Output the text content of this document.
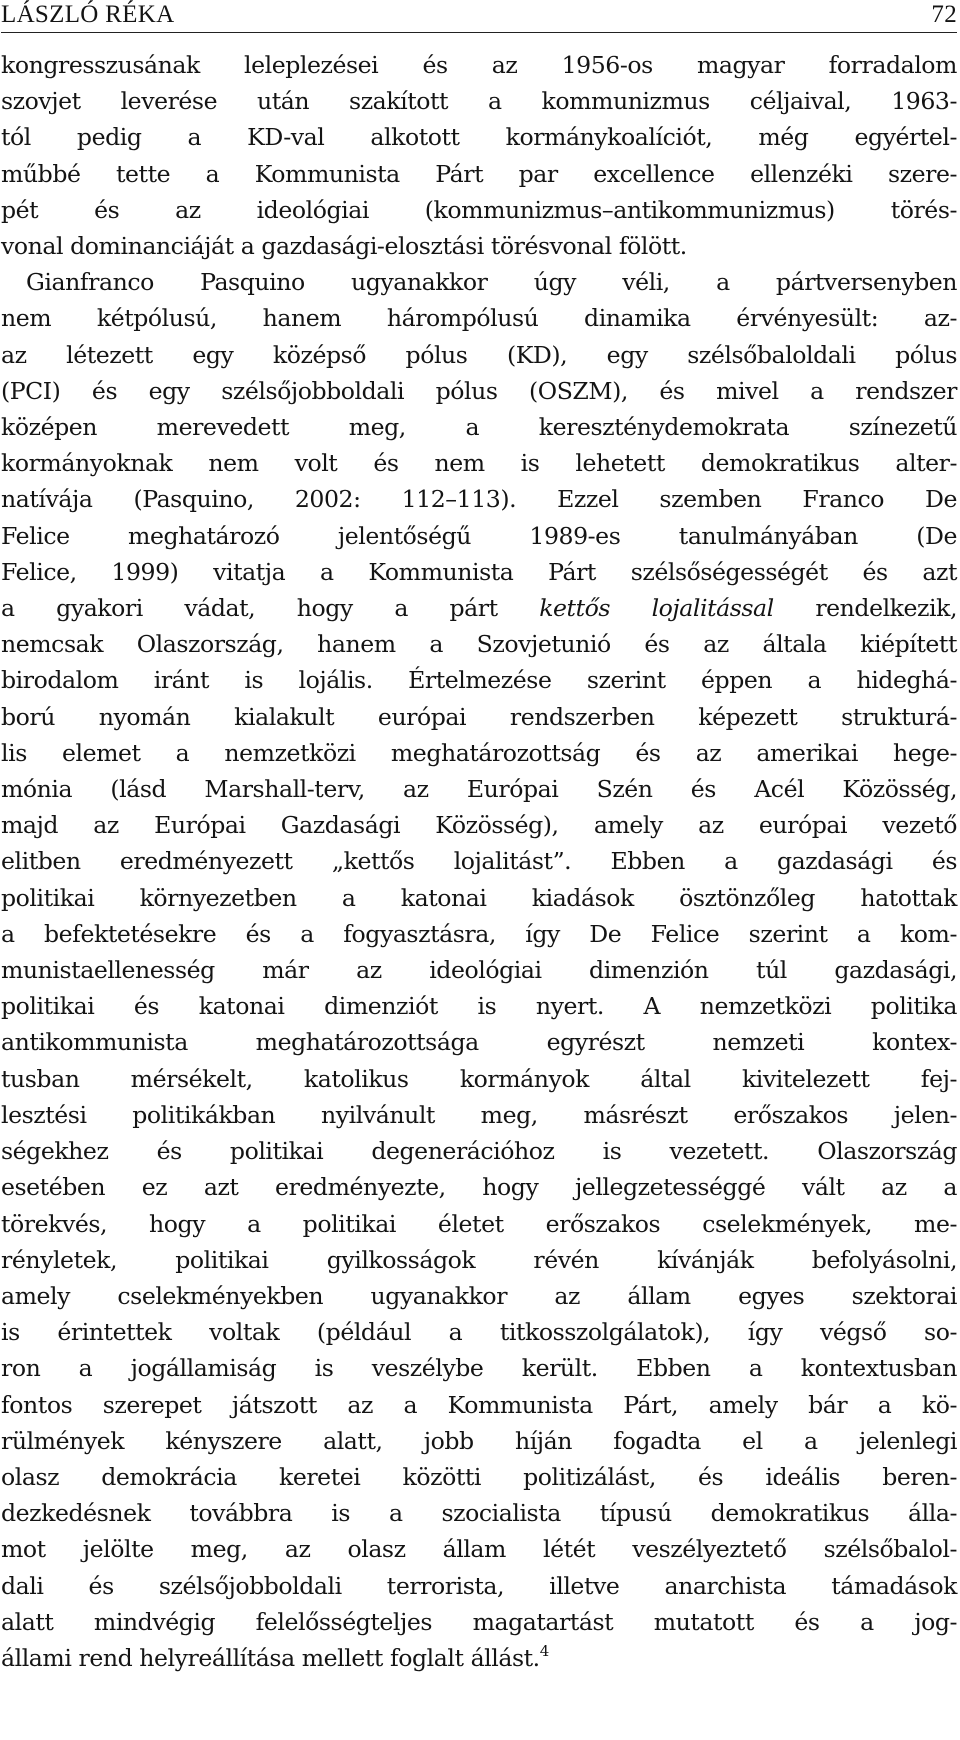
LÁSZLÓ RÉKA	72
kongresszusának leleplezései és az 1956-os magyar forradalom
szovjet leverése után szakított a kommunizmus céljaival, 1963-
tól pedig a KD-val alkotott kormánykoalíciót, még egyértel-
műbbé tette a Kommunista Párt par excellence ellenzéki szere-
pét és az ideológiai (kommunizmus–antikommunizmus) törés-
vonal dominanciáját a gazdasági-elosztási törésvonal fölött.
Gianfranco Pasquino ugyanakkor úgy véli, a pártversenyben
nem kétpólusú, hanem hárompólusú dinamika érvényesült: az-
az létezett egy középső pólus (KD), egy szélsőbaloldali pólus
(PCI) és egy szélsőjobboldali pólus (OSZM), és mivel a rendszer
középen merevedett meg, a kereszténydemokrata színezetű
kormányoknak nem volt és nem is lehetett demokratikus alter-
natívája (Pasquino, 2002: 112–113). Ezzel szemben Franco De
Felice meghatározó jelentőségű 1989-es tanulmányában (De
Felice, 1999) vitatja a Kommunista Párt szélsőségességét és azt
a gyakori vádat, hogy a párt kettős lojalitással rendelkezik,
nemcsak Olaszország, hanem a Szovjetunió és az általa kiépített
birodalom iránt is lojális. Értelmezése szerint éppen a hideghá-
ború nyomán kialakult európai rendszerben képezett strukturá-
lis elemet a nemzetközi meghatározottság és az amerikai hege-
mónia (lásd Marshall-terv, az Európai Szén és Acél Közösség,
majd az Európai Gazdasági Közösség), amely az európai vezető
elitben eredményezett „kettős lojalitást”. Ebben a gazdasági és
politikai környezetben a katonai kiadások ösztönzőleg hatottak
a befektetésekre és a fogyasztásra, így De Felice szerint a kom-
munistaellenesség már az ideológiai dimenzión túl gazdasági,
politikai és katonai dimenziót is nyert. A nemzetközi politika
antikommunista meghatározottsága egyrészt nemzeti kontex-
tusban mérsékelt, katolikus kormányok által kivitelezett fej-
lesztési politikákban nyilvánult meg, másrészt erőszakos jelen-
ségekhez és politikai degenerációhoz is vezetett. Olaszország
esetében ez azt eredményezte, hogy jellegzetességgé vált az a
törekvés, hogy a politikai életet erőszakos cselekmények, me-
rényletek, politikai gyilkosságok révén kívánják befolyásolni,
amely cselekményekben ugyanakkor az állam egyes szektorai
is érintettek voltak (például a titkosszolgálatok), így végső so-
ron a jogállamiság is veszélybe került. Ebben a kontextusban
fontos szerepet játszott az a Kommunista Párt, amely bár a kö-
rülmények kényszere alatt, jobb híján fogadta el a jelenlegi
olasz demokrácia keretei közötti politizálást, és ideális beren-
dezkedésnek továbbra is a szocialista típusú demokratikus álla-
mot jelölte meg, az olasz állam létét veszélyeztető szélsőbalol-
dali és szélsőjobboldali terrorista, illetve anarchista támadások
alatt mindvégig felelősségteljes magatartást mutatott és a jog-
állami rend helyreállítása mellett foglalt állást.$^4$
